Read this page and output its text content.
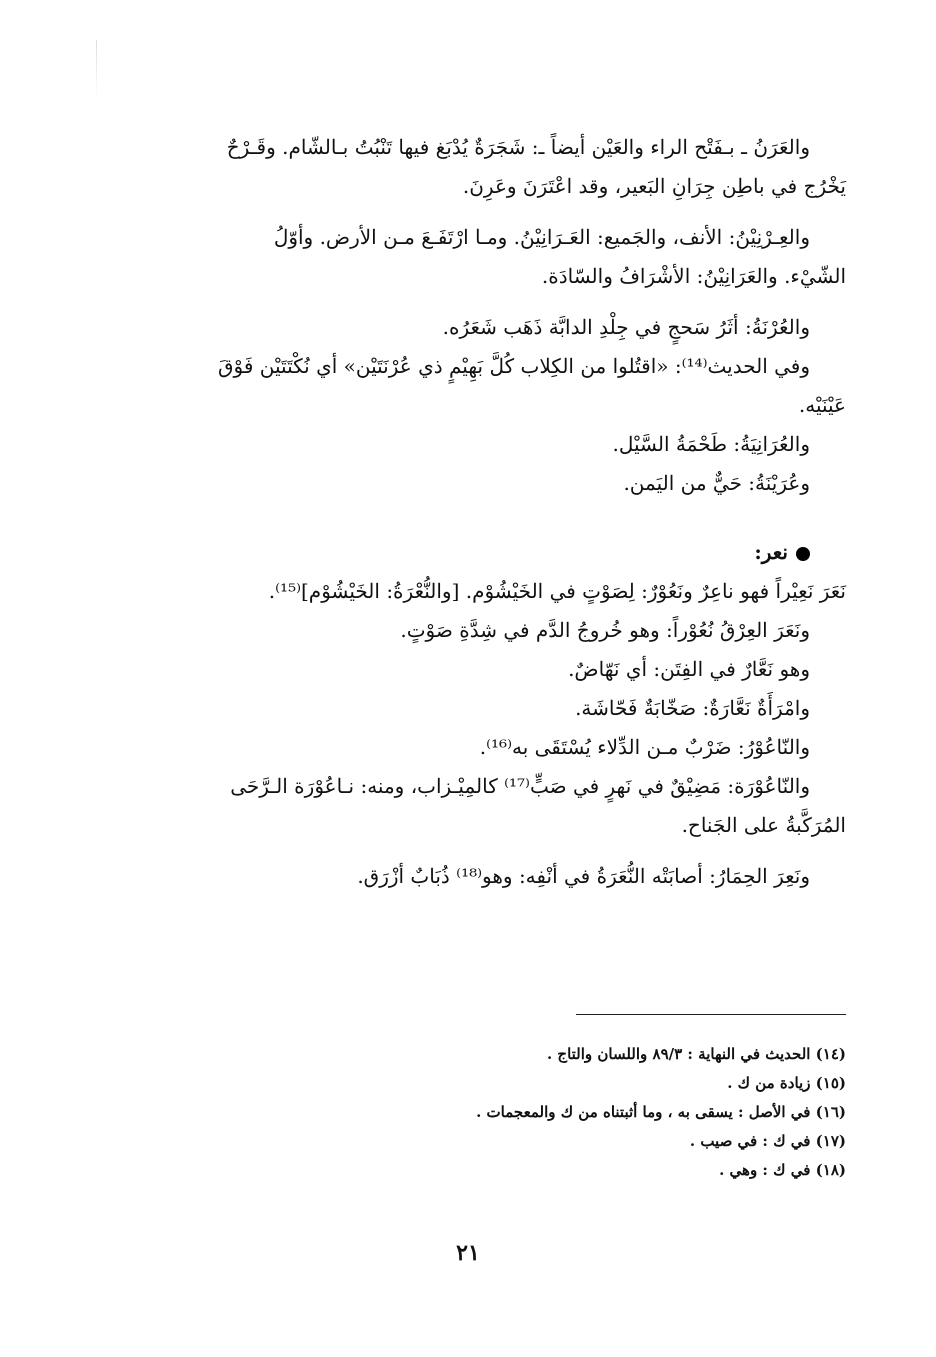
والعَرَنُ ـ بـفَتْح الراء والعَيْن أيضاً ـ: شَجَرَةٌ يُدْبَغ فيها تَنْبُتُ بـالشّام. وقَـرْحٌ

يَخْرُج في باطِن جِرَانِ البَعير، وقد اعْتَرَنَ وعَرِنَ.

والعِـرْنِيْنُ: الأنف، والجَميع: العَـرَانِيْنُ. ومـا ارْتَفَـعَ مـن الأرض. وأوّلُ

الشّيْء. والعَرَانِيْنُ: الأشْرَافُ والسّادَة.

والعُرْنَةُ: أثَرُ سَحجٍ في جِلْدِ الدابَّة ذَهَب شَعَرُه.

وفي الحديث⁽¹⁴⁾: «اقتُلوا من الكِلاب كُلَّ بَهِيْمٍ ذي عُرْنَتَيْن» أي نُكْتَتَيْن فَوْقَ

عَيْنَيْه.

والعُرَانِيَةُ: طَحْمَةُ السَّيْل.

وعُرَيْنَةُ: حَيٌّ من اليَمن.

نعر:

نَعَرَ نَعِيْراً فهو ناعِرٌ ونَعُوْرٌ: لِصَوْتٍ في الخَيْشُوْم. [والنُّعْرَةُ: الخَيْشُوْم]⁽¹⁵⁾.

ونَعَرَ العِرْقُ نُعُوْراً: وهو خُروجُ الدَّم في شِدَّةِ صَوْتٍ.

وهو نَعَّارٌ في الفِتَن: أي نَهّاضٌ.

وامْرَأَةٌ نَعَّارَةٌ: صَخّابَةٌ فَحّاشَة.

والنّاعُوْرُ: ضَرْبٌ مـن الدِّلاء يُسْتَقَى به⁽¹⁶⁾.

والنّاعُوْرَة: مَضِيْقٌ في نَهرٍ في صَبٍّ⁽¹⁷⁾ كالمِيْـزاب، ومنه: نـاعُوْرَة الـرَّحَى

المُرَكَّبةُ على الجَناح.

ونَعِرَ الحِمَارُ: أصابَتْه النُّعَرَةُ في أنْفِه: وهو⁽¹⁸⁾ ذُبَابٌ أزْرَق.

(١٤) الحديث في النهاية : ٨٩/٣ واللسان والتاج .

(١٥) زيادة من ك .

(١٦) في الأصل : يسقى به ، وما أثبتناه من ك والمعجمات .

(١٧) في ك : في صيب .

(١٨) في ك : وهي .

٢١
